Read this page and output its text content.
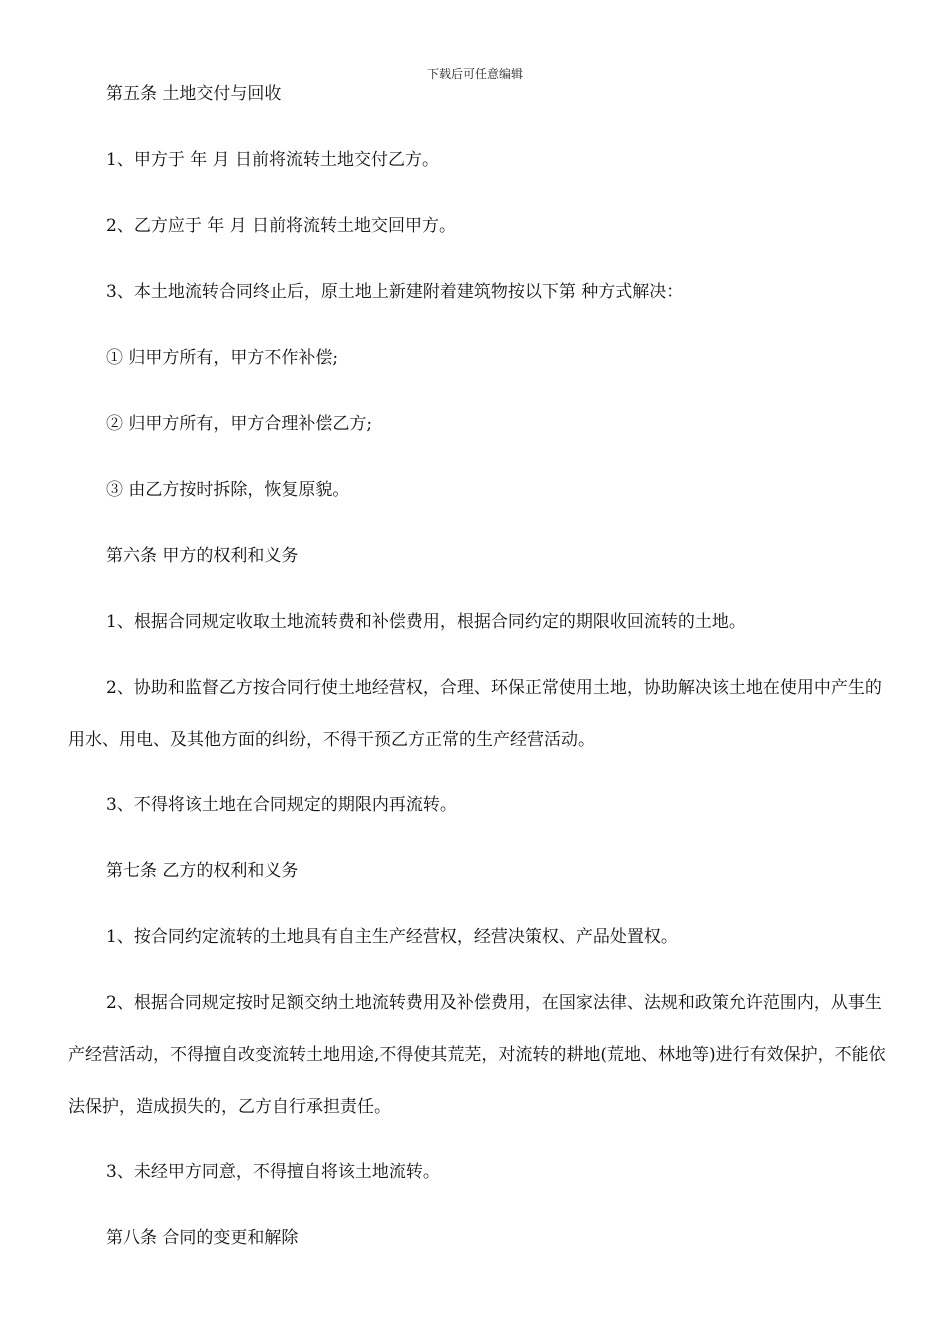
下载后可任意编辑

第五条 土地交付与回收

1、甲方于 年 月 日前将流转土地交付乙方。

2、乙方应于 年 月 日前将流转土地交回甲方。

3、本土地流转合同终止后，原土地上新建附着建筑物按以下第 种方式解决：

① 归甲方所有，甲方不作补偿;

② 归甲方所有，甲方合理补偿乙方;

③ 由乙方按时拆除，恢复原貌。

第六条 甲方的权利和义务

1、根据合同规定收取土地流转费和补偿费用，根据合同约定的期限收回流转的土地。

2、协助和监督乙方按合同行使土地经营权，合理、环保正常使用土地，协助解决该土地在使用中产生的用水、用电、及其他方面的纠纷，不得干预乙方正常的生产经营活动。

3、不得将该土地在合同规定的期限内再流转。

第七条 乙方的权利和义务

1、按合同约定流转的土地具有自主生产经营权，经营决策权、产品处置权。

2、根据合同规定按时足额交纳土地流转费用及补偿费用，在国家法律、法规和政策允许范围内，从事生产经营活动，不得擅自改变流转土地用途,不得使其荒芜，对流转的耕地(荒地、林地等)进行有效保护，不能依法保护，造成损失的，乙方自行承担责任。

3、未经甲方同意，不得擅自将该土地流转。

第八条 合同的变更和解除
